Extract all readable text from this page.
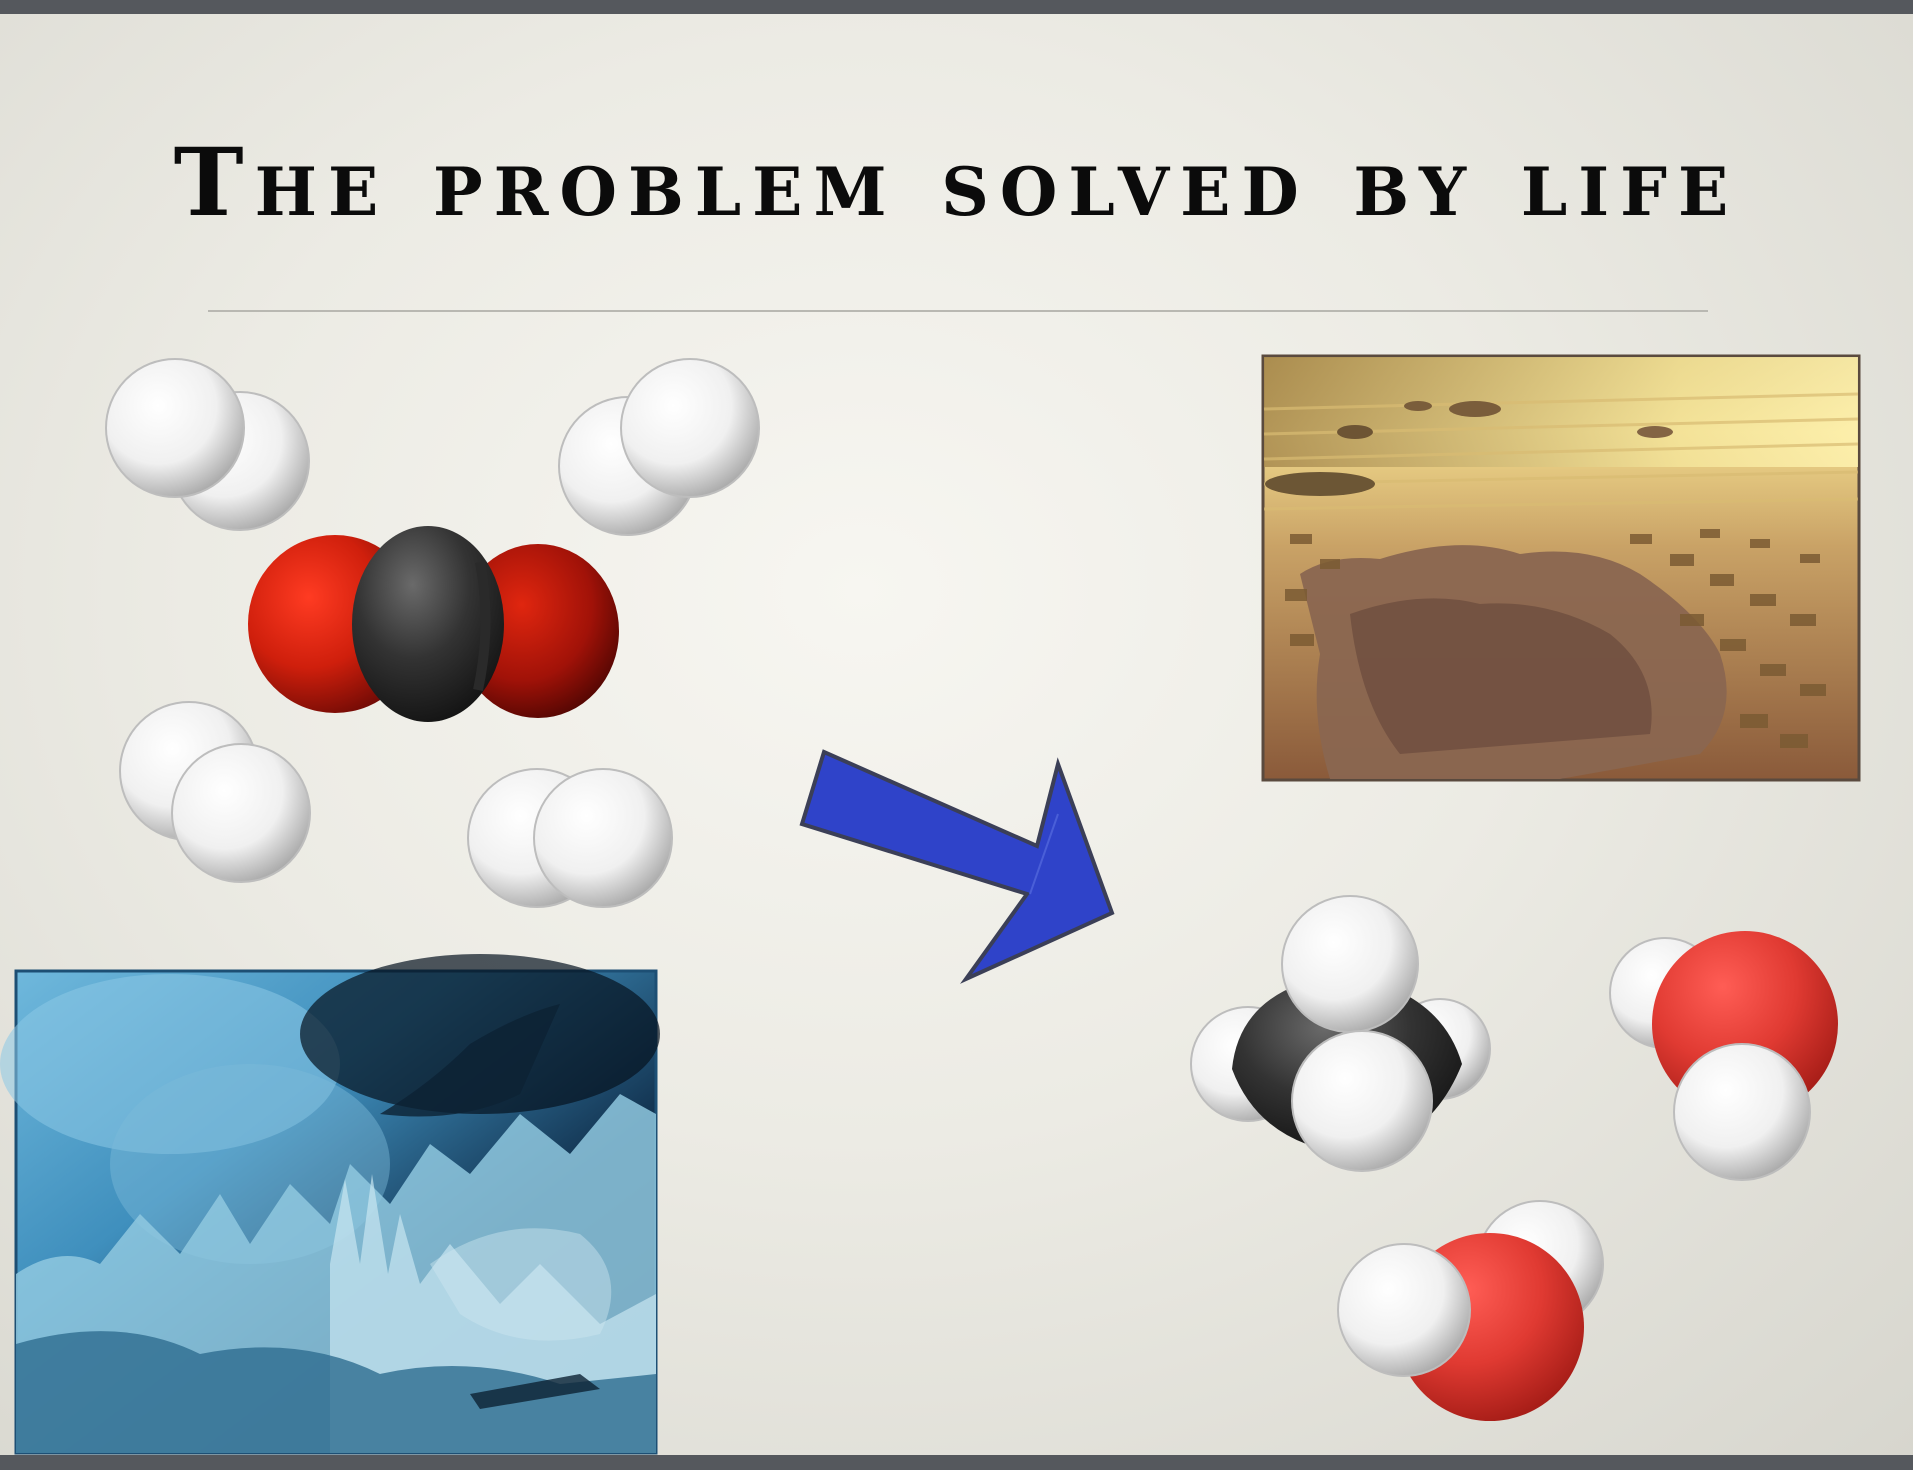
The problem solved by life
